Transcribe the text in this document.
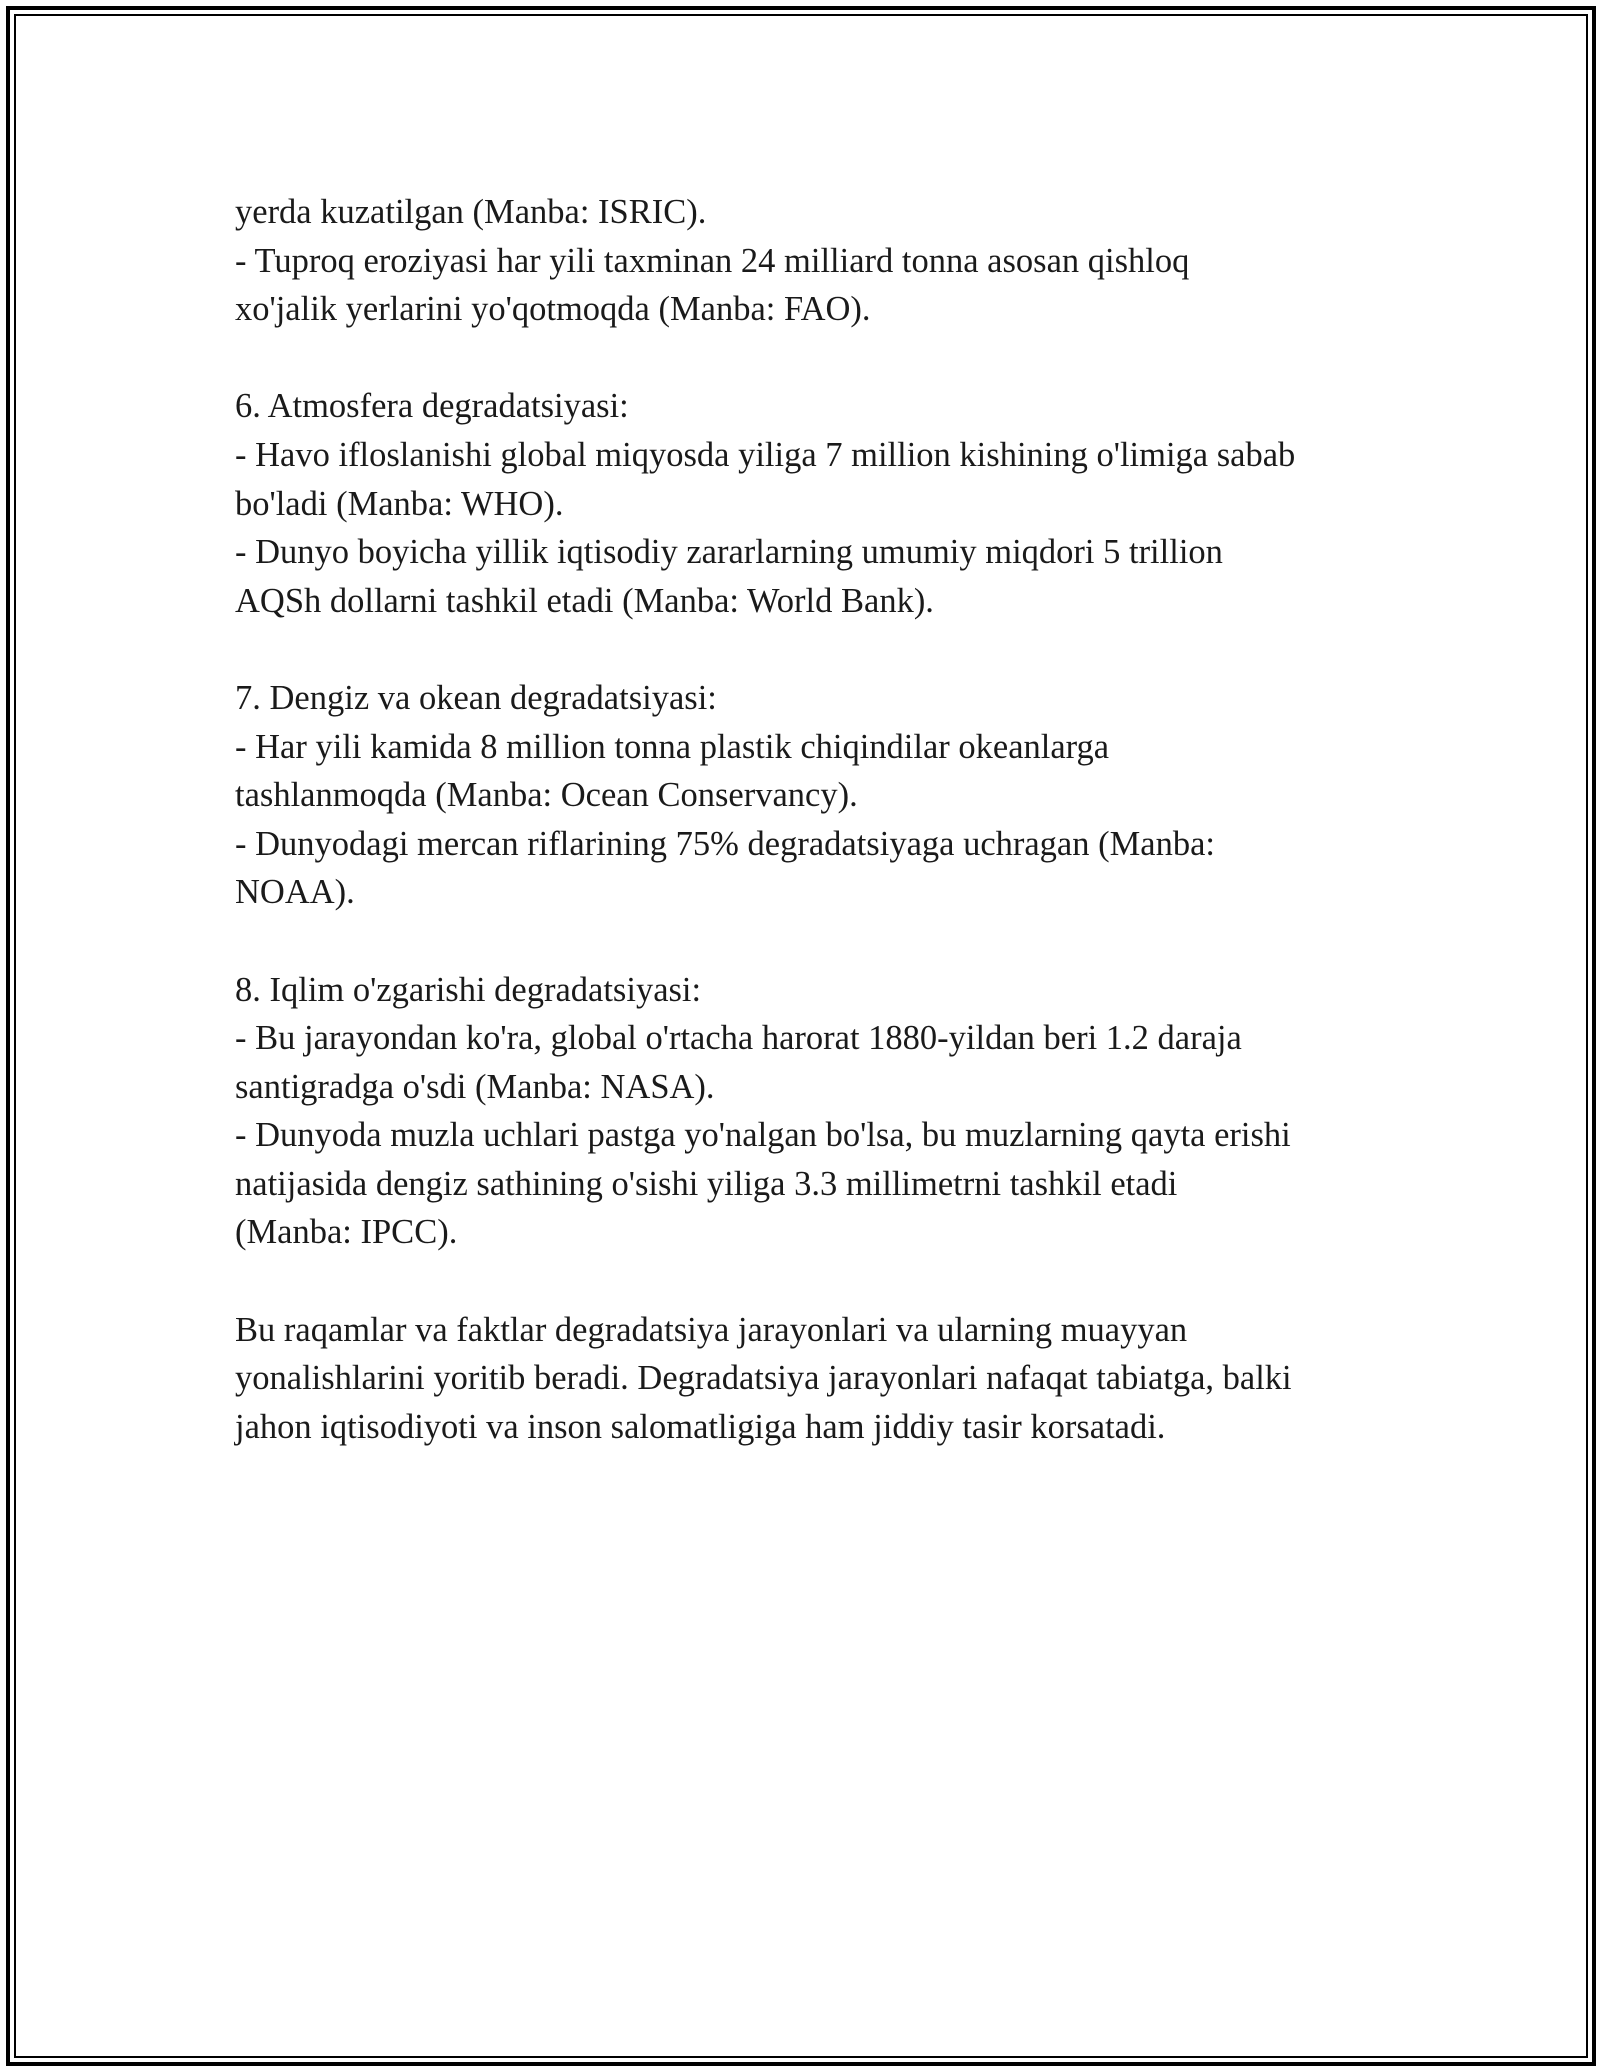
yerda kuzatilgan (Manba: ISRIC).
- Tuproq eroziyasi har yili taxminan 24 milliard tonna asosan qishloq
xo'jalik yerlarini yo'qotmoqda (Manba: FAO).
6. Atmosfera degradatsiyasi:
- Havo ifloslanishi global miqyosda yiliga 7 million kishining o'limiga sabab
bo'ladi (Manba: WHO).
- Dunyo boyicha yillik iqtisodiy zararlarning umumiy miqdori 5 trillion
AQSh dollarni tashkil etadi (Manba: World Bank).
7. Dengiz va okean degradatsiyasi:
- Har yili kamida 8 million tonna plastik chiqindilar okeanlarga
tashlanmoqda (Manba: Ocean Conservancy).
- Dunyodagi mercan riflarining 75% degradatsiyaga uchragan (Manba:
NOAA).
8. Iqlim o'zgarishi degradatsiyasi:
- Bu jarayondan ko'ra, global o'rtacha harorat 1880-yildan beri 1.2 daraja
santigradga o'sdi (Manba: NASA).
- Dunyoda muzla uchlari pastga yo'nalgan bo'lsa, bu muzlarning qayta erishi
natijasida dengiz sathining o'sishi yiliga 3.3 millimetrni tashkil etadi
(Manba: IPCC).
Bu raqamlar va faktlar degradatsiya jarayonlari va ularning muayyan
yonalishlarini yoritib beradi. Degradatsiya jarayonlari nafaqat tabiatga, balki
jahon iqtisodiyoti va inson salomatligiga ham jiddiy tasir korsatadi.
